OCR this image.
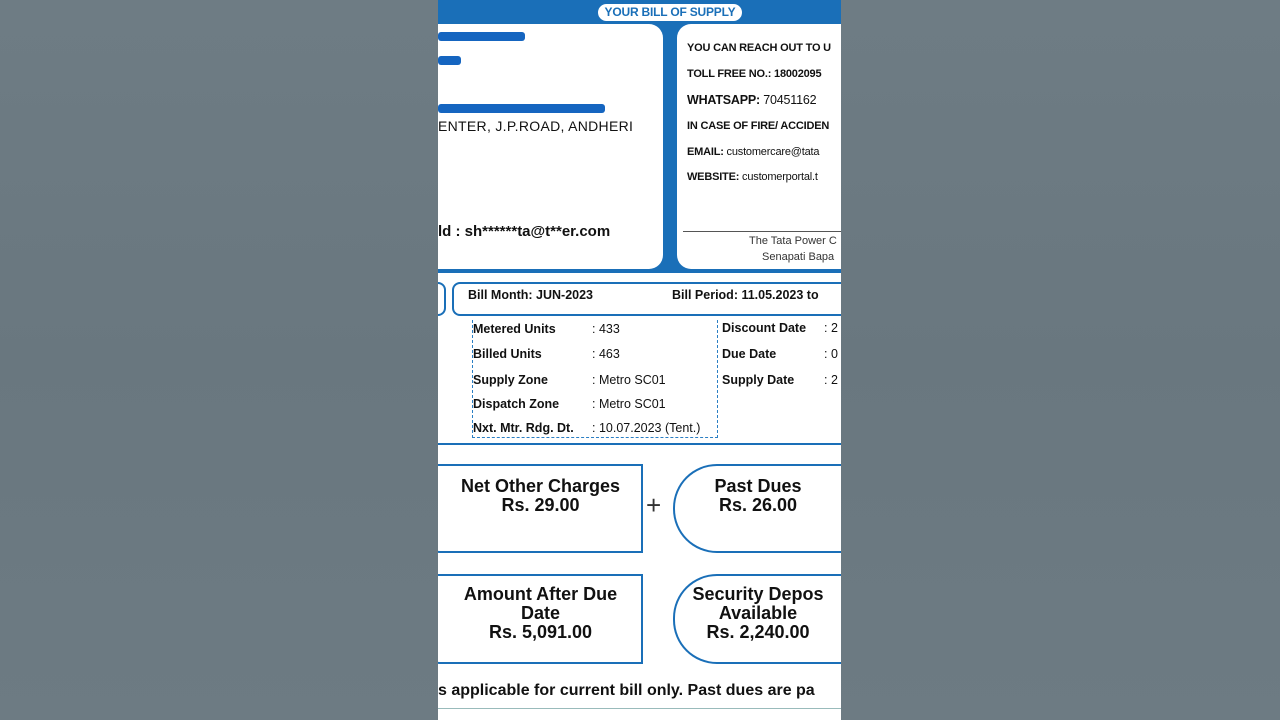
YOUR BILL OF SUPPLY
ENTER, J.P.ROAD, ANDHERI
ld : sh******ta@t**er.com
YOU CAN REACH OUT TO U
TOLL FREE NO.: 18002095
WHATSAPP: 70451162
IN CASE OF FIRE/ ACCIDEN
EMAIL: customercare@tata
WEBSITE: customerportal.t
The Tata Power C
Senapati Bapa
Bill Month: JUN-2023	Bill Period: 11.05.2023 to
Metered Units	: 433
Billed Units	: 463
Supply Zone	: Metro SC01
Dispatch Zone	: Metro SC01
Nxt. Mtr. Rdg. Dt. : 10.07.2023 (Tent.)
Discount Date : 2
Due Date	: 0
Supply Date : 2
Net Other Charges
Rs. 29.00	+
Past Dues
Rs. 26.00
Amount After Due
Date
Rs. 5,091.00
Security Depos
Available
Rs. 2,240.00
s applicable for current bill only. Past dues are pa
